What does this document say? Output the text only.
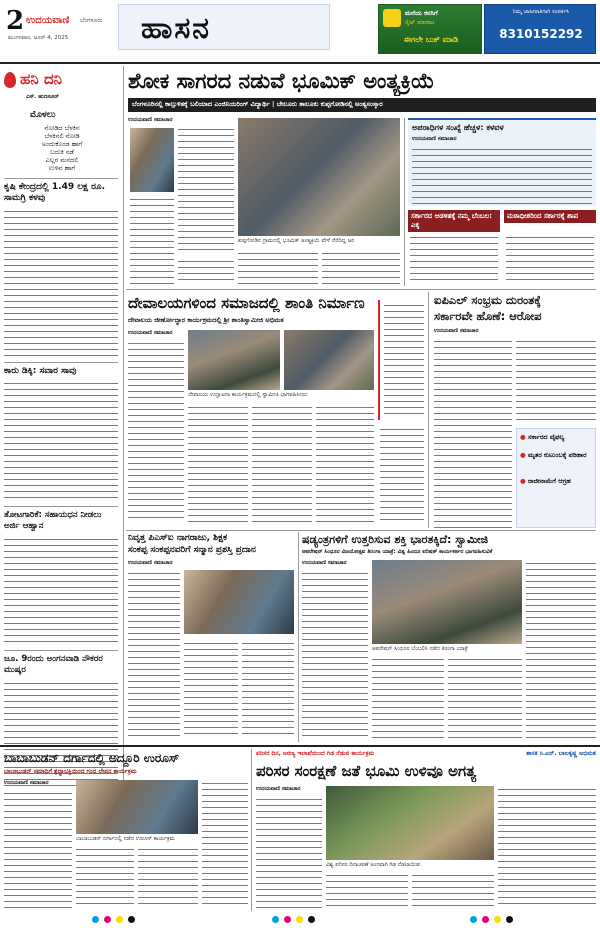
2 ಉದಯವಾಣಿ ಬೆಂಗಳೂರು
ಮಂಗಳವಾರ, ಜೂನ್ 4, 2025 ಹಾಸನ	ಮನೆಯ ಕನಸಿಗೆ
ಸೈಟ್ ಮಾರಾಟ
ಈಗಲೇ ಬುಕ್ ಮಾಡಿ
ನಿಮ್ಮ ಜಾಹೀರಾತಿಗಾಗಿ ಸಂಪರ್ಕಿಸಿ
8310152292
ಹನಿ ದನಿ
ಎಸ್. ಹುಣಸೂರ್
ಮೊಳಲು
ನೋಡಿದ ಬೆಳಕಿನ
ಬೆಳಕಿನಲಿ ನೋಡಿ
ಅಂದುಕೊಂಡ ಹಾಗೆ
ಬದುಕಿ ನಡೆ
ಎಲ್ಲರ ಮನದಲಿ
ಉಳಿವ ಹಾಗೆ
ಕೃಷಿ ಕೇಂದ್ರದಲ್ಲಿ 1.49 ಲಕ್ಷ ರೂ. ಸಾಮಗ್ರಿ ಕಳವು
ಕಾರು ಡಿಕ್ಕಿ: ಸವಾರ ಸಾವು
ತೋಟಗಾರಿಕೆ: ಸಹಾಯಧನ ನೀಡಲು ಅರ್ಜಿ ಆಹ್ವಾನ
ಜೂ. 9ರಂದು ಅಂಗನವಾಡಿ ನೌಕರರ ಮುಷ್ಕರ
ಶೋಕ ಸಾಗರದ ನಡುವೆ ಭೂಮಿಕ್ ಅಂತ್ಯಕ್ರಿಯೆ
ಬೆಂಗಳೂರಿನಲ್ಲಿ ಕಾಲ್ತುಳಿತಕ್ಕೆ ಬಲಿಯಾದ ಎಂಜಿನಿಯರಿಂಗ್ ವಿದ್ಯಾರ್ಥಿ | ಬೇಲೂರು ತಾಲೂಕು ಕುಪ್ಪಗೋಡಿನಲ್ಲಿ ಅಂತ್ಯಸಂಸ್ಕಾರ
ಉದಯವಾಣಿ ಸಮಾಚಾರ
ಕುಪ್ಪಗೋಡಿನ ಗ್ರಾಮದಲ್ಲಿ ಭೂಮಿಕ್ ಅಂತ್ಯಕ್ರಿಯೆ ವೇಳೆ ನೆರೆದಿದ್ದ ಜನ
ಅಪರಾಧಿಗಳ ಸಂಖ್ಯೆ ಹೆಚ್ಚಳ: ಕಳವಳ
ಉದಯವಾಣಿ ಸಮಾಚಾರ
ಸರ್ಕಾರದ ಆಡಳಿತಕ್ಕೆ ನಮ್ಮ ಬೆಂಬಲ: ಎಕ್ಕ
ಮಠಾಧೀಶರಿಂದ ಸರ್ಕಾರಕ್ಕೆ ಶಾಪ
ದೇವಾಲಯಗಳಿಂದ ಸಮಾಜದಲ್ಲಿ ಶಾಂತಿ ನಿರ್ಮಾಣ
ದೇವಾಲಯ ಜೀರ್ಣೋದ್ಧಾರ ಕಾರ್ಯಕ್ರಮದಲ್ಲಿ ಶ್ರೀ ಶಾಂತಿಸ್ವಾಮೀಜಿ ಅಭಿಮತ
ಉದಯವಾಣಿ ಸಮಾಚಾರ
ದೇವಾಲಯ ಉದ್ಘಾಟನಾ ಕಾರ್ಯಕ್ರಮದಲ್ಲಿ ಸ್ವಾಮೀಜಿ ಭಾಗವಹಿಸಿದರು
ಐಪಿಎಲ್ ಸಂಭ್ರಮ ದುರಂತಕ್ಕೆ
ಸರ್ಕಾರವೇ ಹೊಣೆ: ಆರೋಪ
ಉದಯವಾಣಿ ಸಮಾಚಾರ
● ಸರ್ಕಾರದ ವೈಫಲ್ಯ
● ಮೃತರ ಕುಟುಂಬಕ್ಕೆ ಪರಿಹಾರ
● ರಾಜೀನಾಮೆಗೆ ಆಗ್ರಹ
ನಿವೃತ್ತ ಪಿಎಸ್‌ಐ ನಾಗರಾಜು, ಶಿಕ್ಷಕ
ಸಂಕಪ್ಪ ಸಂಕಪ್ಪನವರಿಗೆ ಸನ್ಮಾನ ಪ್ರಶಸ್ತಿ ಪ್ರದಾನ
ಉದಯವಾಣಿ ಸಮಾಚಾರ
ಷಡ್ಯಂತ್ರಗಳಿಗೆ ಉತ್ತರಿಸುವ ಶಕ್ತಿ ಭಾರತಕ್ಕಿದೆ: ಸ್ವಾಮೀಜಿ
ಆಪರೇಷನ್ ಸಿಂಧೂರ ವಿಜಯೋತ್ಸವ ತಿರಂಗಾ ಯಾತ್ರೆ: ವಿಶ್ವ ಹಿಂದೂ ಪರಿಷತ್ ಕಾರ್ಯಕರ್ತರ ಭಾಗವಹಿಸುವಿಕೆ
ಉದಯವಾಣಿ ಸಮಾಚಾರ
ಆಪರೇಷನ್ ಸಿಂಧೂರ ಬೆಂಬಲಿಸಿ ನಡೆದ ತಿರಂಗಾ ಯಾತ್ರೆ
ಬಾಬಾಬುಡನ್ ದರ್ಗಾದಲ್ಲಿ ಅದ್ದೂರಿ ಉರೂಸ್
ಬಾಬಾಬುಡನ್ ಸಮಾಧಿಗೆ ಶ್ರದ್ಧಾಭಕ್ತಿಯಿಂದ ಗಂಧ ಲೇಪನ ಕಾರ್ಯಕ್ರಮ
ಉದಯವಾಣಿ ಸಮಾಚಾರ
ಬಾಬಾಬುಡನ್ ದರ್ಗಾದಲ್ಲಿ ನಡೆದ ಉರೂಸ್ ಕಾರ್ಯಕ್ರಮ
ಪರಿಸರ ದಿನ, ಅರಣ್ಯ ಇಲಾಖೆಯಿಂದ ಗಿಡ ನೆಡುವ ಕಾರ್ಯಕ್ರಮ	ಶಾಸಕ ಸಿ.ಎನ್. ಬಾಲಕೃಷ್ಣ ಅಭಿಮತ
ಪರಿಸರ ಸಂರಕ್ಷಣೆ ಜತೆ ಭೂಮಿ ಉಳಿವೂ ಅಗತ್ಯ
ಉದಯವಾಣಿ ಸಮಾಚಾರ
ವಿಶ್ವ ಪರಿಸರ ದಿನಾಚರಣೆ ಅಂಗವಾಗಿ ಗಿಡ ನೆಡಲಾಯಿತು
